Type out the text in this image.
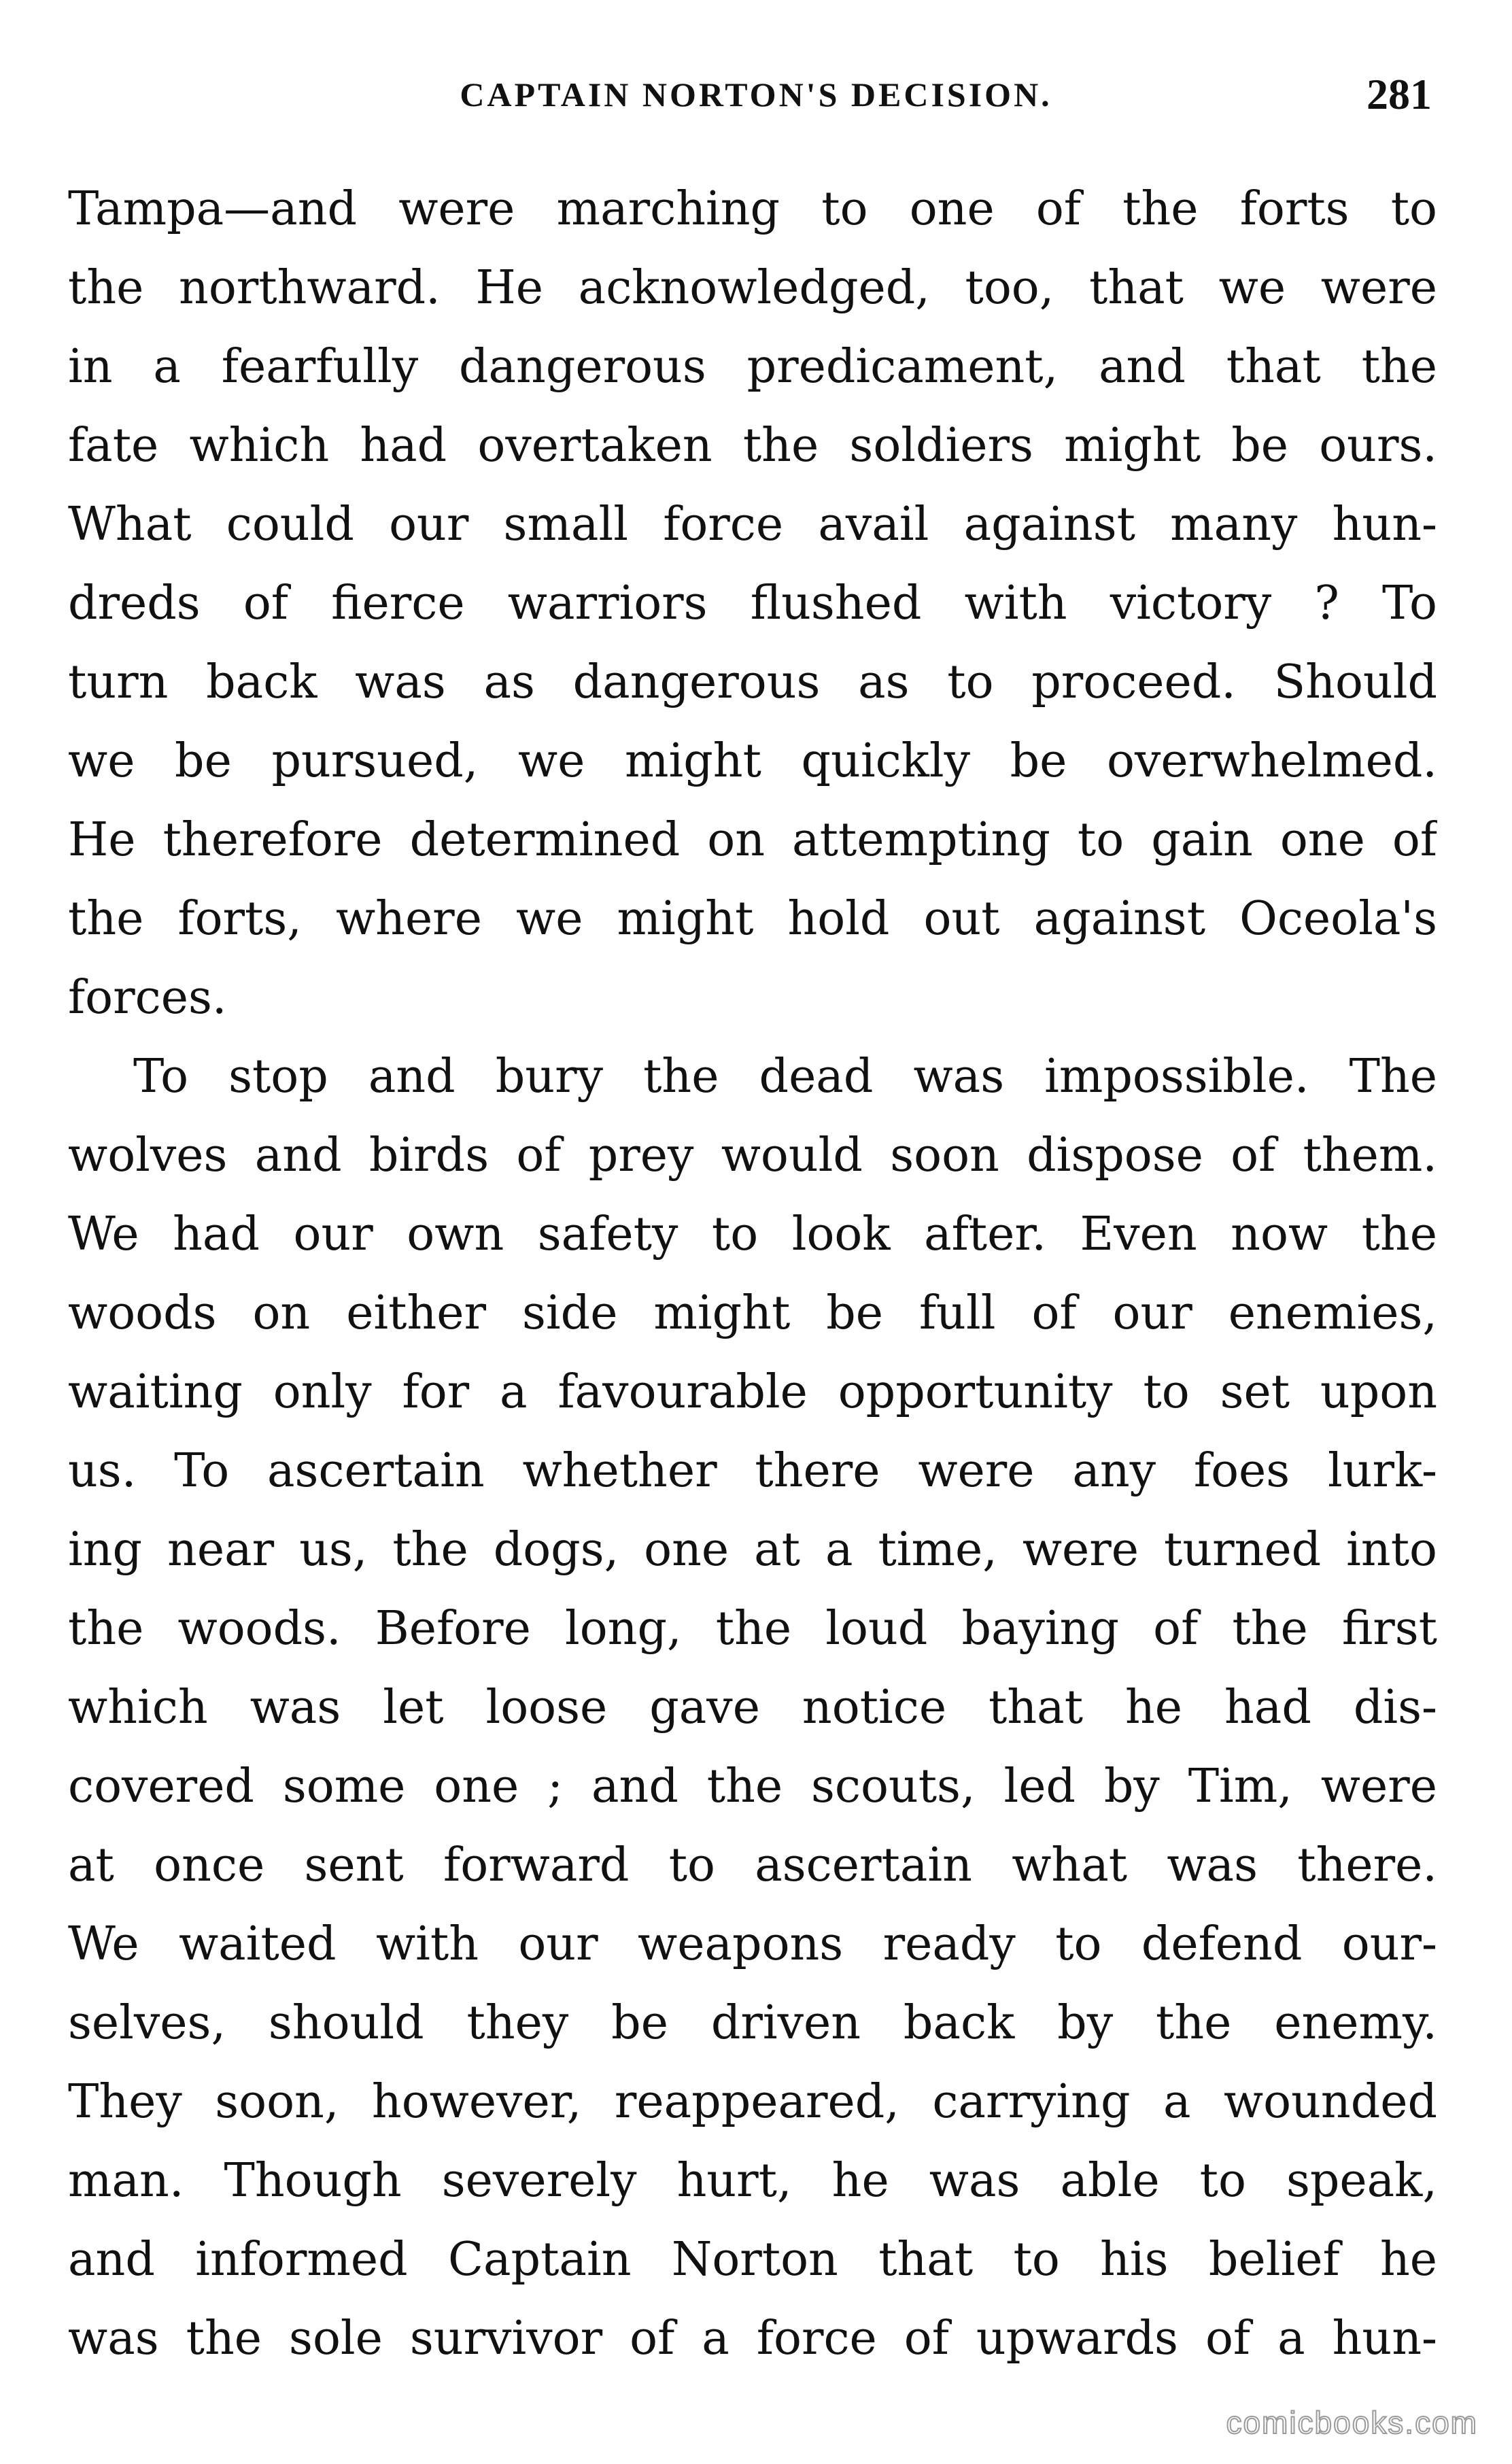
CAPTAIN NORTON'S DECISION.	281
Tampa—and were marching to one of the forts to
the northward. He acknowledged, too, that we were
in a fearfully dangerous predicament, and that the
fate which had overtaken the soldiers might be ours.
What could our small force avail against many hun-
dreds of fierce warriors flushed with victory ? To
turn back was as dangerous as to proceed. Should
we be pursued, we might quickly be overwhelmed.
He therefore determined on attempting to gain one of
the forts, where we might hold out against Oceola's
forces.
To stop and bury the dead was impossible. The
wolves and birds of prey would soon dispose of them.
We had our own safety to look after. Even now the
woods on either side might be full of our enemies,
waiting only for a favourable opportunity to set upon
us. To ascertain whether there were any foes lurk-
ing near us, the dogs, one at a time, were turned into
the woods. Before long, the loud baying of the first
which was let loose gave notice that he had dis-
covered some one ; and the scouts, led by Tim, were
at once sent forward to ascertain what was there.
We waited with our weapons ready to defend our-
selves, should they be driven back by the enemy.
They soon, however, reappeared, carrying a wounded
man. Though severely hurt, he was able to speak,
and informed Captain Norton that to his belief he
was the sole survivor of a force of upwards of a hun-
comicbooks.com
